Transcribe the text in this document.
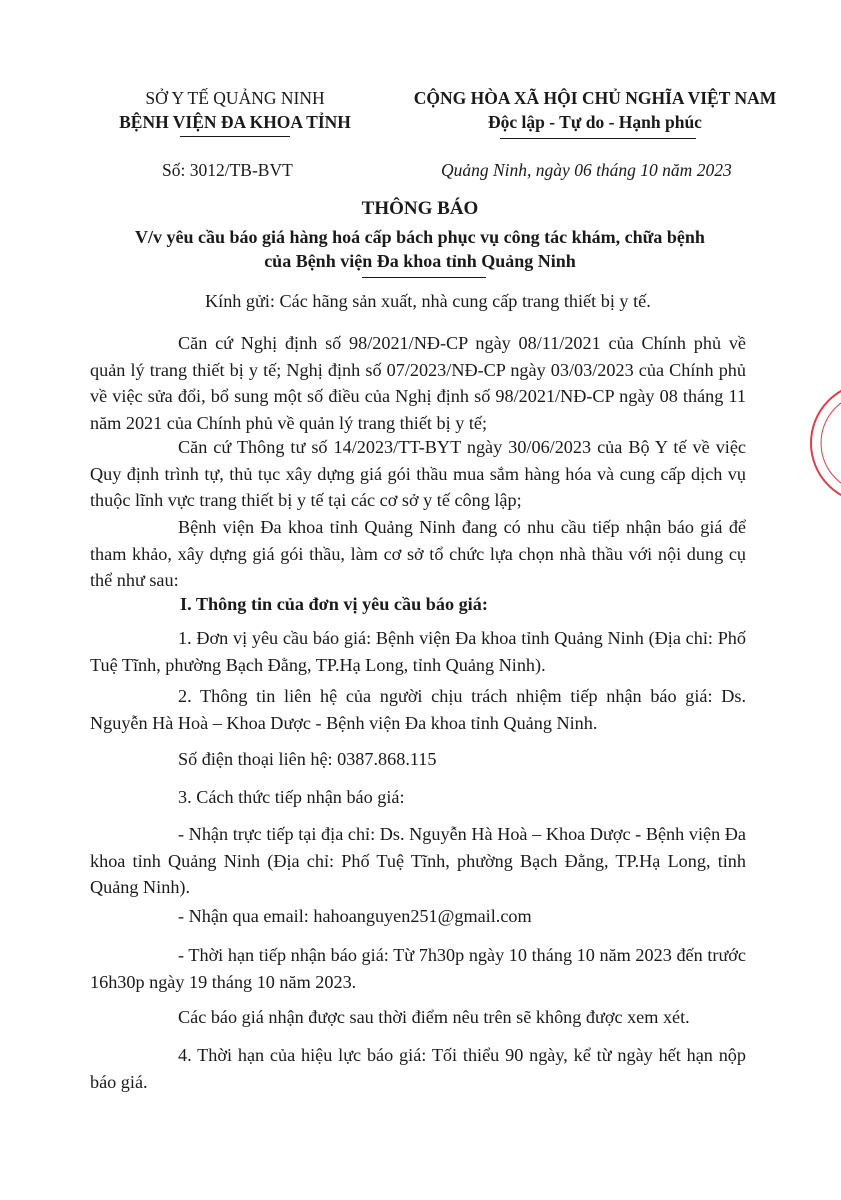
SỞ Y TẾ QUẢNG NINH
BỆNH VIỆN ĐA KHOA TỈNH
CỘNG HÒA XÃ HỘI CHỦ NGHĨA VIỆT NAM
Độc lập - Tự do - Hạnh phúc
Số: 3012/TB-BVT	Quảng Ninh, ngày 06 tháng 10 năm 2023
THÔNG BÁO
V/v yêu cầu báo giá hàng hoá cấp bách phục vụ công tác khám, chữa bệnh
của Bệnh viện Đa khoa tỉnh Quảng Ninh
Kính gửi: Các hãng sản xuất, nhà cung cấp trang thiết bị y tế.

Căn cứ Nghị định số 98/2021/NĐ-CP ngày 08/11/2021 của Chính phủ về quản lý trang thiết bị y tế; Nghị định số 07/2023/NĐ-CP ngày 03/03/2023 của Chính phủ về việc sửa đổi, bổ sung một số điều của Nghị định số 98/2021/NĐ-CP ngày 08 tháng 11 năm 2021 của Chính phủ về quản lý trang thiết bị y tế;

Căn cứ Thông tư số 14/2023/TT-BYT ngày 30/06/2023 của Bộ Y tế về việc Quy định trình tự, thủ tục xây dựng giá gói thầu mua sắm hàng hóa và cung cấp dịch vụ thuộc lĩnh vực trang thiết bị y tế tại các cơ sở y tế công lập;

Bệnh viện Đa khoa tỉnh Quảng Ninh đang có nhu cầu tiếp nhận báo giá để tham khảo, xây dựng giá gói thầu, làm cơ sở tổ chức lựa chọn nhà thầu với nội dung cụ thể như sau:

I. Thông tin của đơn vị yêu cầu báo giá:

1. Đơn vị yêu cầu báo giá: Bệnh viện Đa khoa tỉnh Quảng Ninh (Địa chỉ: Phố Tuệ Tĩnh, phường Bạch Đằng, TP.Hạ Long, tỉnh Quảng Ninh).

2. Thông tin liên hệ của người chịu trách nhiệm tiếp nhận báo giá: Ds. Nguyễn Hà Hoà – Khoa Dược - Bệnh viện Đa khoa tỉnh Quảng Ninh.

Số điện thoại liên hệ: 0387.868.115
3. Cách thức tiếp nhận báo giá:

- Nhận trực tiếp tại địa chỉ: Ds. Nguyễn Hà Hoà – Khoa Dược - Bệnh viện Đa khoa tỉnh Quảng Ninh (Địa chỉ: Phố Tuệ Tĩnh, phường Bạch Đằng, TP.Hạ Long, tỉnh Quảng Ninh).

- Nhận qua email: hahoanguyen251@gmail.com

- Thời hạn tiếp nhận báo giá: Từ 7h30p ngày 10 tháng 10 năm 2023 đến trước 16h30p ngày 19 tháng 10 năm 2023.

Các báo giá nhận được sau thời điểm nêu trên sẽ không được xem xét.

4. Thời hạn của hiệu lực báo giá: Tối thiểu 90 ngày, kể từ ngày hết hạn nộp báo giá.
